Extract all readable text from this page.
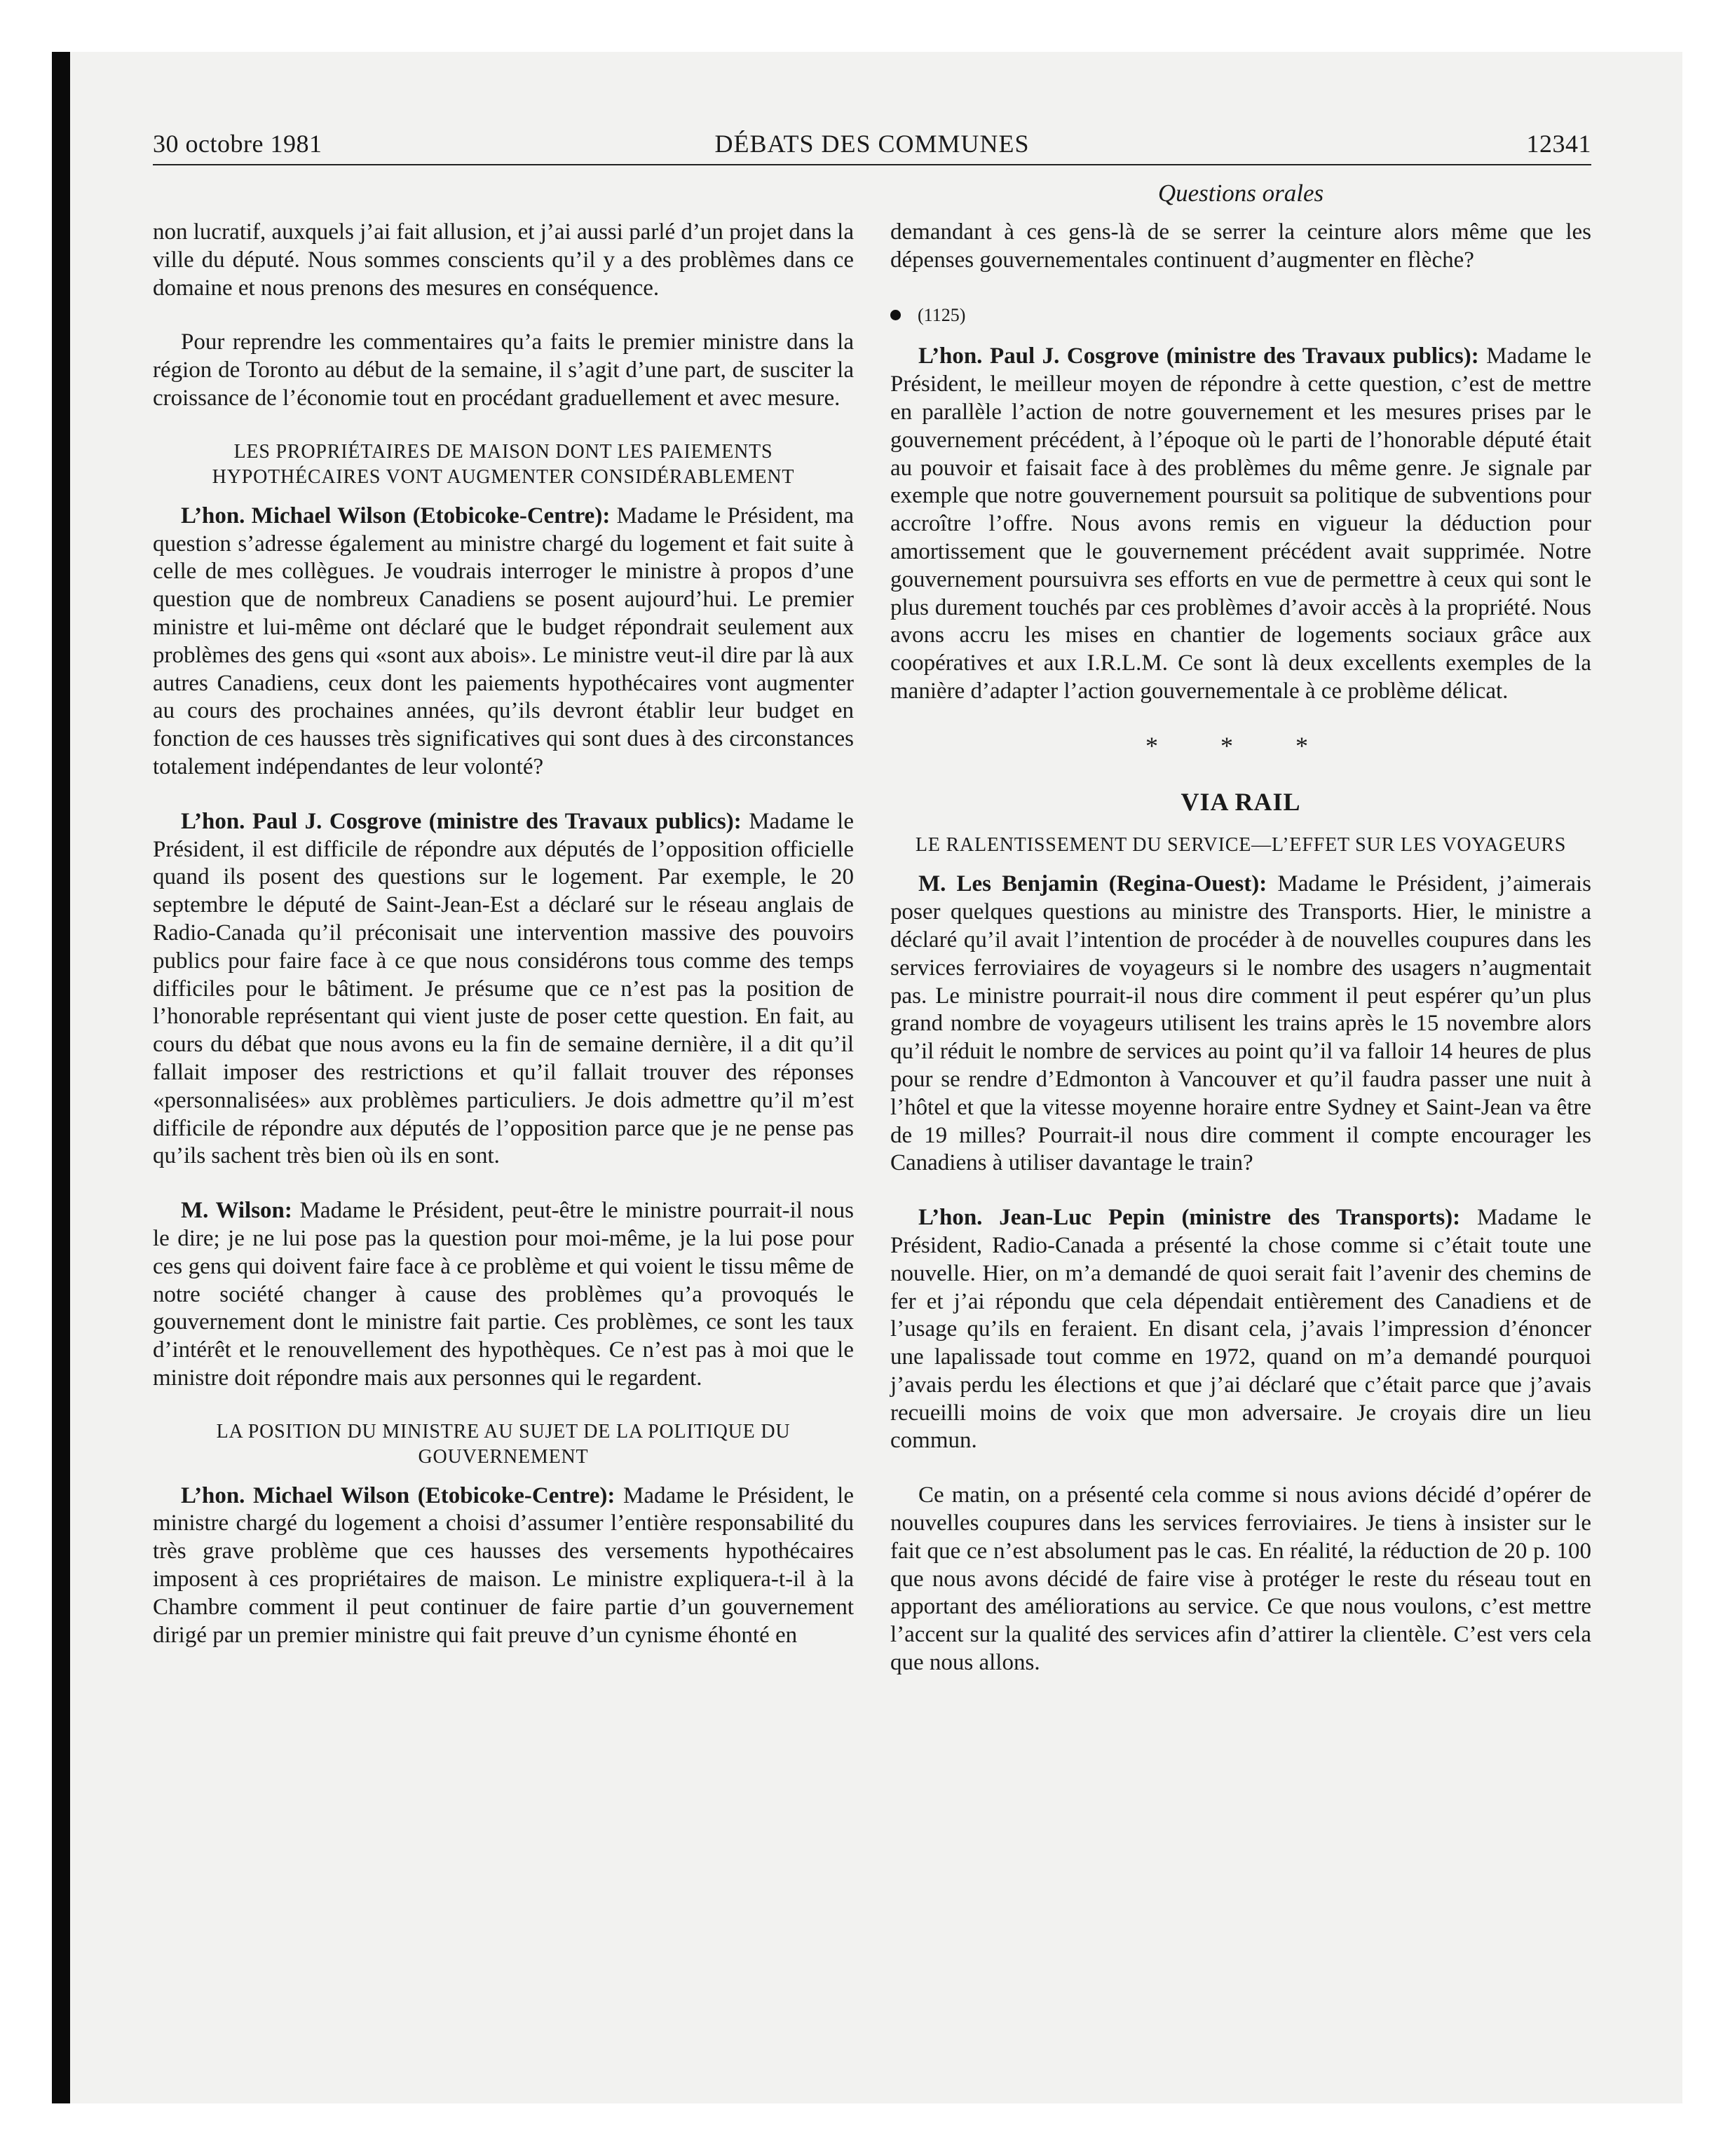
30 octobre 1981	DÉBATS DES COMMUNES	12341
Questions orales

non lucratif, auxquels j’ai fait allusion, et j’ai aussi parlé d’un projet dans la ville du député. Nous sommes conscients qu’il y a des problèmes dans ce domaine et nous prenons des mesures en conséquence.

Pour reprendre les commentaires qu’a faits le premier ministre dans la région de Toronto au début de la semaine, il s’agit d’une part, de susciter la croissance de l’économie tout en procédant graduellement et avec mesure.

LES PROPRIÉTAIRES DE MAISON DONT LES PAIEMENTS HYPOTHÉCAIRES VONT AUGMENTER CONSIDÉRABLEMENT

L’hon. Michael Wilson (Etobicoke-Centre): Madame le Président, ma question s’adresse également au ministre chargé du logement et fait suite à celle de mes collègues. Je voudrais interroger le ministre à propos d’une question que de nombreux Canadiens se posent aujourd’hui. Le premier ministre et lui-même ont déclaré que le budget répondrait seulement aux problèmes des gens qui «sont aux abois». Le ministre veut-il dire par là aux autres Canadiens, ceux dont les paiements hypothécaires vont augmenter au cours des prochaines années, qu’ils devront établir leur budget en fonction de ces hausses très significatives qui sont dues à des circonstances totalement indépendantes de leur volonté?

L’hon. Paul J. Cosgrove (ministre des Travaux publics): Madame le Président, il est difficile de répondre aux députés de l’opposition officielle quand ils posent des questions sur le logement. Par exemple, le 20 septembre le député de Saint-Jean-Est a déclaré sur le réseau anglais de Radio-Canada qu’il préconisait une intervention massive des pouvoirs publics pour faire face à ce que nous considérons tous comme des temps difficiles pour le bâtiment. Je présume que ce n’est pas la position de l’honorable représentant qui vient juste de poser cette question. En fait, au cours du débat que nous avons eu la fin de semaine dernière, il a dit qu’il fallait imposer des restrictions et qu’il fallait trouver des réponses «personnalisées» aux problèmes particuliers. Je dois admettre qu’il m’est difficile de répondre aux députés de l’opposition parce que je ne pense pas qu’ils sachent très bien où ils en sont.

M. Wilson: Madame le Président, peut-être le ministre pourrait-il nous le dire; je ne lui pose pas la question pour moi-même, je la lui pose pour ces gens qui doivent faire face à ce problème et qui voient le tissu même de notre société changer à cause des problèmes qu’a provoqués le gouvernement dont le ministre fait partie. Ces problèmes, ce sont les taux d’intérêt et le renouvellement des hypothèques. Ce n’est pas à moi que le ministre doit répondre mais aux personnes qui le regardent.

LA POSITION DU MINISTRE AU SUJET DE LA POLITIQUE DU GOUVERNEMENT

L’hon. Michael Wilson (Etobicoke-Centre): Madame le Président, le ministre chargé du logement a choisi d’assumer l’entière responsabilité du très grave problème que ces hausses des versements hypothécaires imposent à ces propriétaires de maison. Le ministre expliquera-t-il à la Chambre comment il peut continuer de faire partie d’un gouvernement dirigé par un premier ministre qui fait preuve d’un cynisme éhonté en

demandant à ces gens-là de se serrer la ceinture alors même que les dépenses gouvernementales continuent d’augmenter en flèche?

(1125)

L’hon. Paul J. Cosgrove (ministre des Travaux publics): Madame le Président, le meilleur moyen de répondre à cette question, c’est de mettre en parallèle l’action de notre gouvernement et les mesures prises par le gouvernement précédent, à l’époque où le parti de l’honorable député était au pouvoir et faisait face à des problèmes du même genre. Je signale par exemple que notre gouvernement poursuit sa politique de subventions pour accroître l’offre. Nous avons remis en vigueur la déduction pour amortissement que le gouvernement précédent avait supprimée. Notre gouvernement poursuivra ses efforts en vue de permettre à ceux qui sont le plus durement touchés par ces problèmes d’avoir accès à la propriété. Nous avons accru les mises en chantier de logements sociaux grâce aux coopératives et aux I.R.L.M. Ce sont là deux excellents exemples de la manière d’adapter l’action gouvernementale à ce problème délicat.

* * *
VIA RAIL
LE RALENTISSEMENT DU SERVICE—L’EFFET SUR LES VOYAGEURS

M. Les Benjamin (Regina-Ouest): Madame le Président, j’aimerais poser quelques questions au ministre des Transports. Hier, le ministre a déclaré qu’il avait l’intention de procéder à de nouvelles coupures dans les services ferroviaires de voyageurs si le nombre des usagers n’augmentait pas. Le ministre pourrait-il nous dire comment il peut espérer qu’un plus grand nombre de voyageurs utilisent les trains après le 15 novembre alors qu’il réduit le nombre de services au point qu’il va falloir 14 heures de plus pour se rendre d’Edmonton à Vancouver et qu’il faudra passer une nuit à l’hôtel et que la vitesse moyenne horaire entre Sydney et Saint-Jean va être de 19 milles? Pourrait-il nous dire comment il compte encourager les Canadiens à utiliser davantage le train?

L’hon. Jean-Luc Pepin (ministre des Transports): Madame le Président, Radio-Canada a présenté la chose comme si c’était toute une nouvelle. Hier, on m’a demandé de quoi serait fait l’avenir des chemins de fer et j’ai répondu que cela dépendait entièrement des Canadiens et de l’usage qu’ils en feraient. En disant cela, j’avais l’impression d’énoncer une lapalissade tout comme en 1972, quand on m’a demandé pourquoi j’avais perdu les élections et que j’ai déclaré que c’était parce que j’avais recueilli moins de voix que mon adversaire. Je croyais dire un lieu commun.

Ce matin, on a présenté cela comme si nous avions décidé d’opérer de nouvelles coupures dans les services ferroviaires. Je tiens à insister sur le fait que ce n’est absolument pas le cas. En réalité, la réduction de 20 p. 100 que nous avons décidé de faire vise à protéger le reste du réseau tout en apportant des améliorations au service. Ce que nous voulons, c’est mettre l’accent sur la qualité des services afin d’attirer la clientèle. C’est vers cela que nous allons.
